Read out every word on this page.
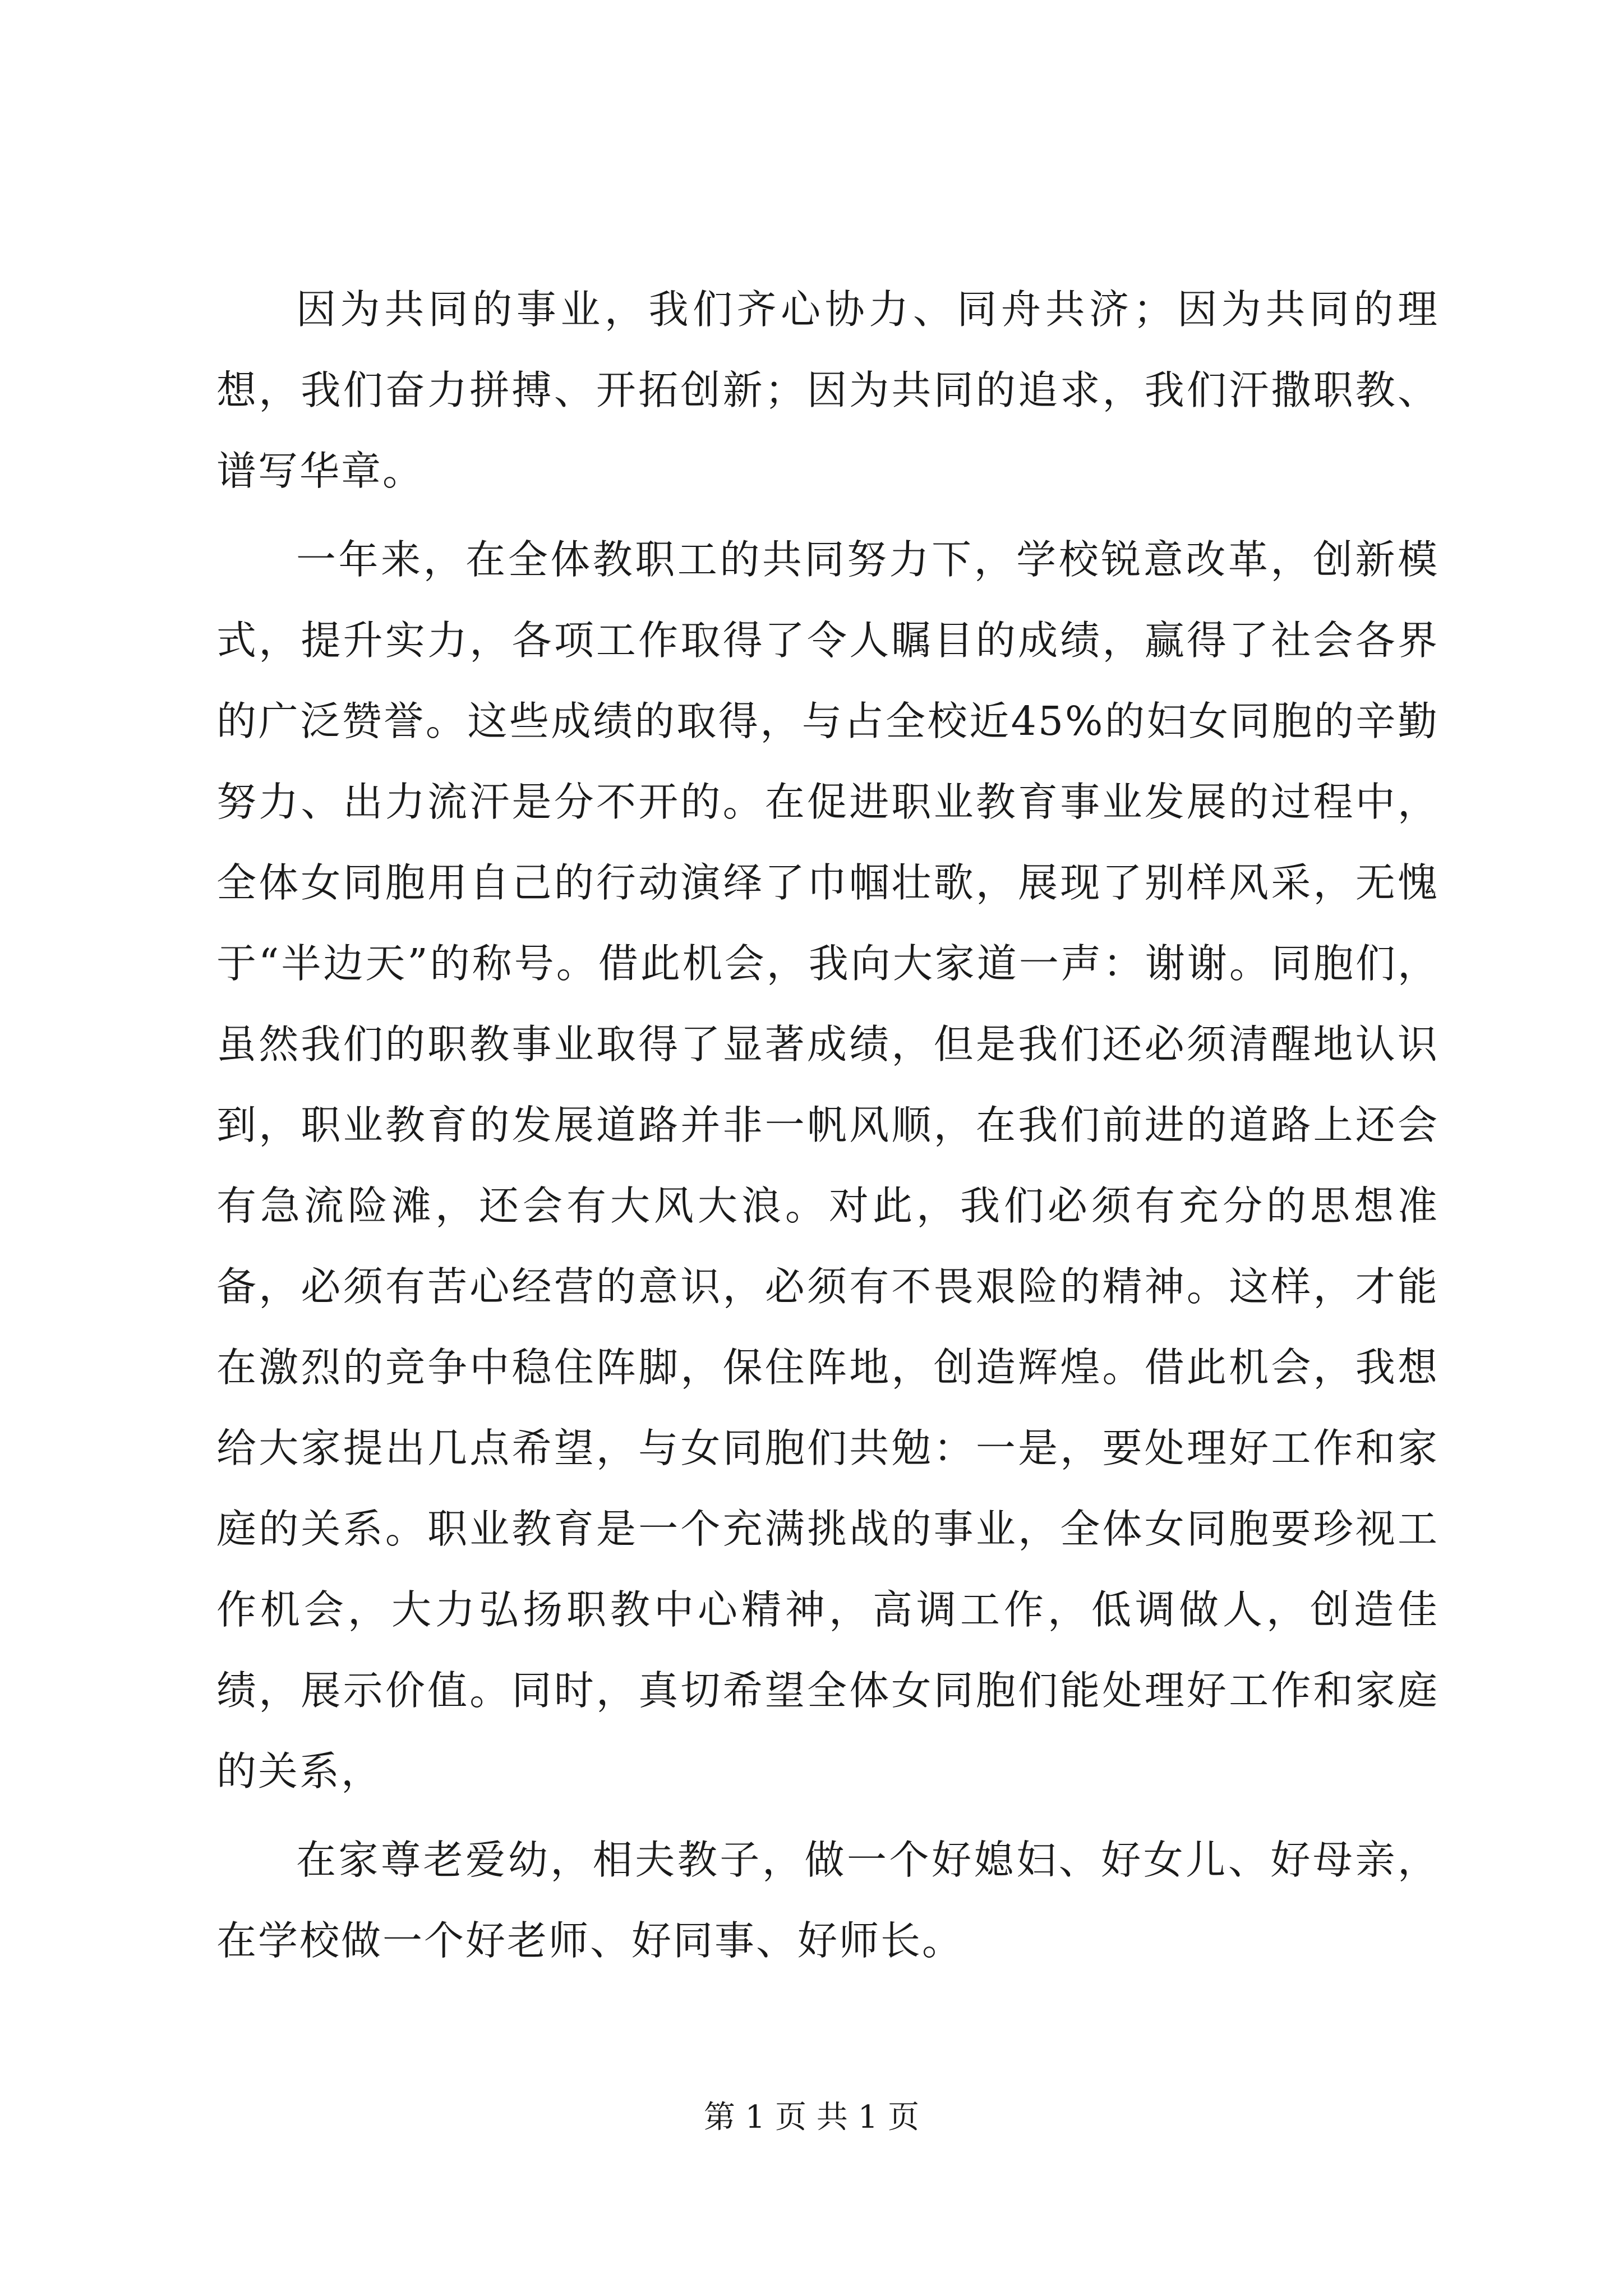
因为共同的事业，我们齐心协力、同舟共济；因为共同的理想，我们奋力拼搏、开拓创新；因为共同的追求，我们汗撒职教、谱写华章。

一年来，在全体教职工的共同努力下，学校锐意改革，创新模式，提升实力，各项工作取得了令人瞩目的成绩，赢得了社会各界的广泛赞誉。这些成绩的取得，与占全校近45%的妇女同胞的辛勤努力、出力流汗是分不开的。在促进职业教育事业发展的过程中，全体女同胞用自己的行动演绎了巾帼壮歌，展现了别样风采，无愧于“半边天”的称号。借此机会，我向大家道一声：谢谢。同胞们，虽然我们的职教事业取得了显著成绩，但是我们还必须清醒地认识到，职业教育的发展道路并非一帆风顺，在我们前进的道路上还会有急流险滩，还会有大风大浪。对此，我们必须有充分的思想准备，必须有苦心经营的意识，必须有不畏艰险的精神。这样，才能在激烈的竞争中稳住阵脚，保住阵地，创造辉煌。借此机会，我想给大家提出几点希望，与女同胞们共勉：一是，要处理好工作和家庭的关系。职业教育是一个充满挑战的事业，全体女同胞要珍视工作机会，大力弘扬职教中心精神，高调工作，低调做人，创造佳绩，展示价值。同时，真切希望全体女同胞们能处理好工作和家庭的关系，

在家尊老爱幼，相夫教子，做一个好媳妇、好女儿、好母亲，在学校做一个好老师、好同事、好师长。

第 1 页 共 1 页
